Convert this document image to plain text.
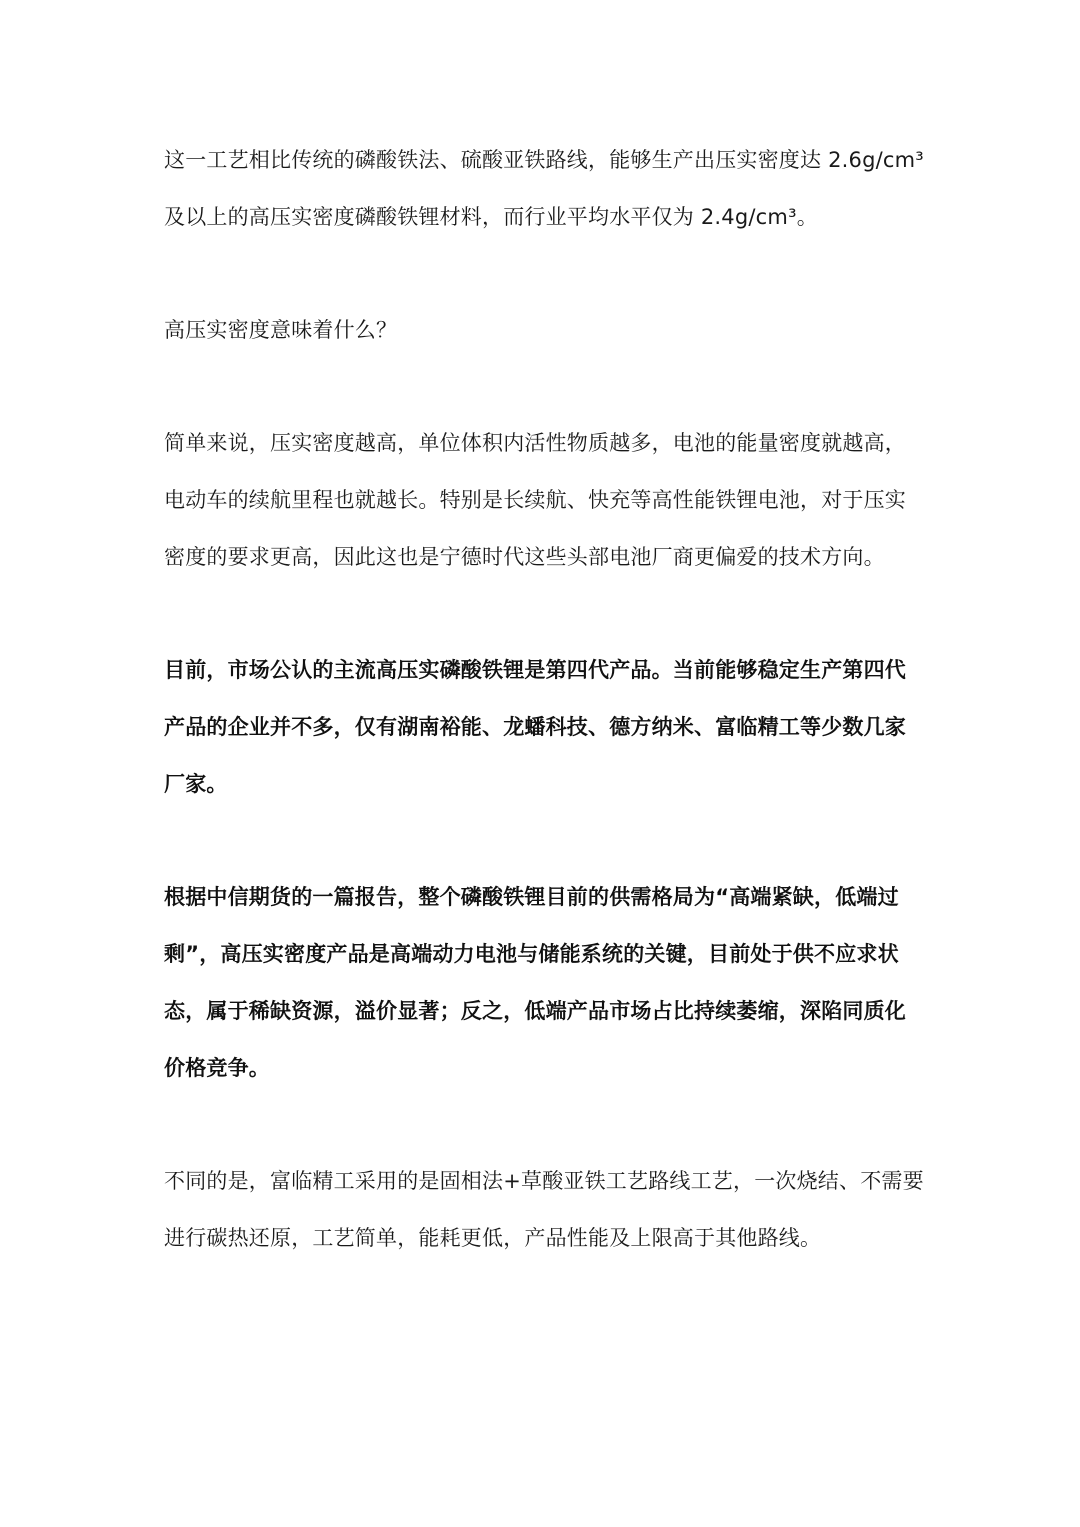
这一工艺相比传统的磷酸铁法、硫酸亚铁路线，能够生产出压实密度达 2.6g/cm³ 及以上的高压实密度磷酸铁锂材料，而行业平均水平仅为 2.4g/cm³。

高压实密度意味着什么？

简单来说，压实密度越高，单位体积内活性物质越多，电池的能量密度就越高，电动车的续航里程也就越长。特别是长续航、快充等高性能铁锂电池，对于压实密度的要求更高，因此这也是宁德时代这些头部电池厂商更偏爱的技术方向。

目前，市场公认的主流高压实磷酸铁锂是第四代产品。当前能够稳定生产第四代产品的企业并不多，仅有湖南裕能、龙蟠科技、德方纳米、富临精工等少数几家厂家。

根据中信期货的一篇报告，整个磷酸铁锂目前的供需格局为“高端紧缺，低端过剩”，高压实密度产品是高端动力电池与储能系统的关键，目前处于供不应求状态，属于稀缺资源，溢价显著；反之，低端产品市场占比持续萎缩，深陷同质化价格竞争。

不同的是，富临精工采用的是固相法+草酸亚铁工艺路线工艺，一次烧结、不需要进行碳热还原，工艺简单，能耗更低，产品性能及上限高于其他路线。
